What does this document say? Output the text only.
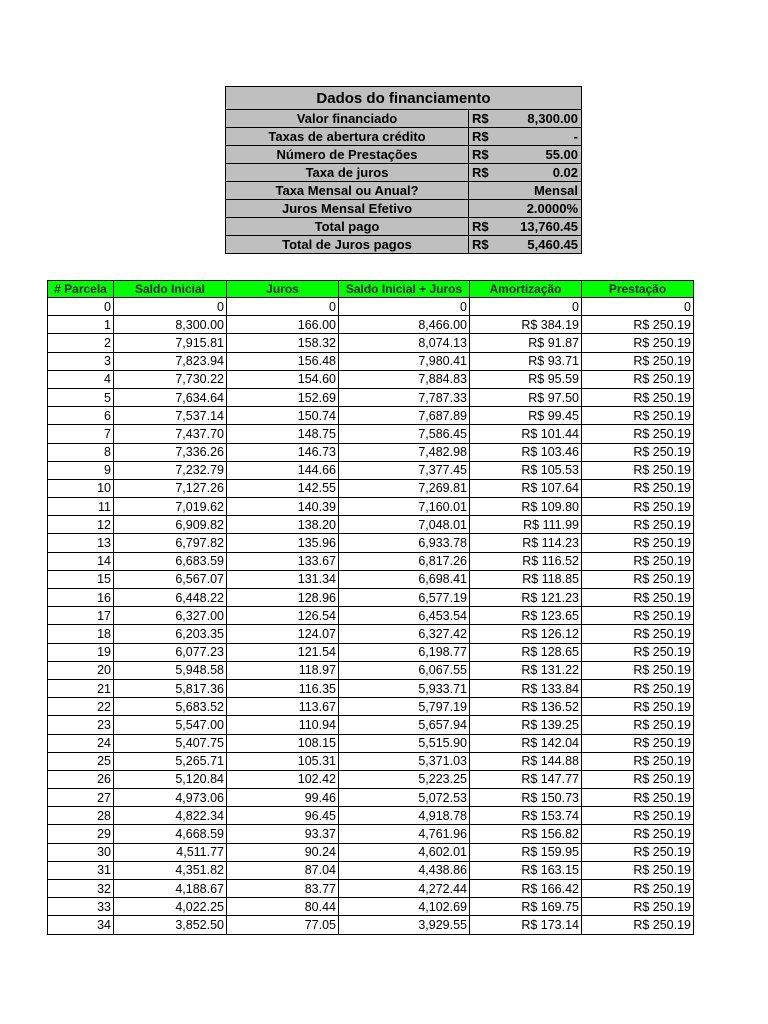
Dados do financiamento		
Valor financiado	R$	8,300.00
Taxas de abertura crédito	R$	-
Número de Prestações	R$	55.00
Taxa de juros	R$	0.02
Taxa Mensal ou Anual?	Mensal	
Juros Mensal Efetivo	2.0000%	
Total pago	R$	13,760.45
Total de Juros pagos	R$	5,460.45
# Parcela	Saldo Inicial	Juros	Saldo Inicial + Juros	Amortização	Prestação
0	0	0	0	0	0
1	8,300.00	166.00	8,466.00	R$ 384.19	R$ 250.19
2	7,915.81	158.32	8,074.13	R$ 91.87	R$ 250.19
3	7,823.94	156.48	7,980.41	R$ 93.71	R$ 250.19
4	7,730.22	154.60	7,884.83	R$ 95.59	R$ 250.19
5	7,634.64	152.69	7,787.33	R$ 97.50	R$ 250.19
6	7,537.14	150.74	7,687.89	R$ 99.45	R$ 250.19
7	7,437.70	148.75	7,586.45	R$ 101.44	R$ 250.19
8	7,336.26	146.73	7,482.98	R$ 103.46	R$ 250.19
9	7,232.79	144.66	7,377.45	R$ 105.53	R$ 250.19
10	7,127.26	142.55	7,269.81	R$ 107.64	R$ 250.19
11	7,019.62	140.39	7,160.01	R$ 109.80	R$ 250.19
12	6,909.82	138.20	7,048.01	R$ 111.99	R$ 250.19
13	6,797.82	135.96	6,933.78	R$ 114.23	R$ 250.19
14	6,683.59	133.67	6,817.26	R$ 116.52	R$ 250.19
15	6,567.07	131.34	6,698.41	R$ 118.85	R$ 250.19
16	6,448.22	128.96	6,577.19	R$ 121.23	R$ 250.19
17	6,327.00	126.54	6,453.54	R$ 123.65	R$ 250.19
18	6,203.35	124.07	6,327.42	R$ 126.12	R$ 250.19
19	6,077.23	121.54	6,198.77	R$ 128.65	R$ 250.19
20	5,948.58	118.97	6,067.55	R$ 131.22	R$ 250.19
21	5,817.36	116.35	5,933.71	R$ 133.84	R$ 250.19
22	5,683.52	113.67	5,797.19	R$ 136.52	R$ 250.19
23	5,547.00	110.94	5,657.94	R$ 139.25	R$ 250.19
24	5,407.75	108.15	5,515.90	R$ 142.04	R$ 250.19
25	5,265.71	105.31	5,371.03	R$ 144.88	R$ 250.19
26	5,120.84	102.42	5,223.25	R$ 147.77	R$ 250.19
27	4,973.06	99.46	5,072.53	R$ 150.73	R$ 250.19
28	4,822.34	96.45	4,918.78	R$ 153.74	R$ 250.19
29	4,668.59	93.37	4,761.96	R$ 156.82	R$ 250.19
30	4,511.77	90.24	4,602.01	R$ 159.95	R$ 250.19
31	4,351.82	87.04	4,438.86	R$ 163.15	R$ 250.19
32	4,188.67	83.77	4,272.44	R$ 166.42	R$ 250.19
33	4,022.25	80.44	4,102.69	R$ 169.75	R$ 250.19
34	3,852.50	77.05	3,929.55	R$ 173.14	R$ 250.19
